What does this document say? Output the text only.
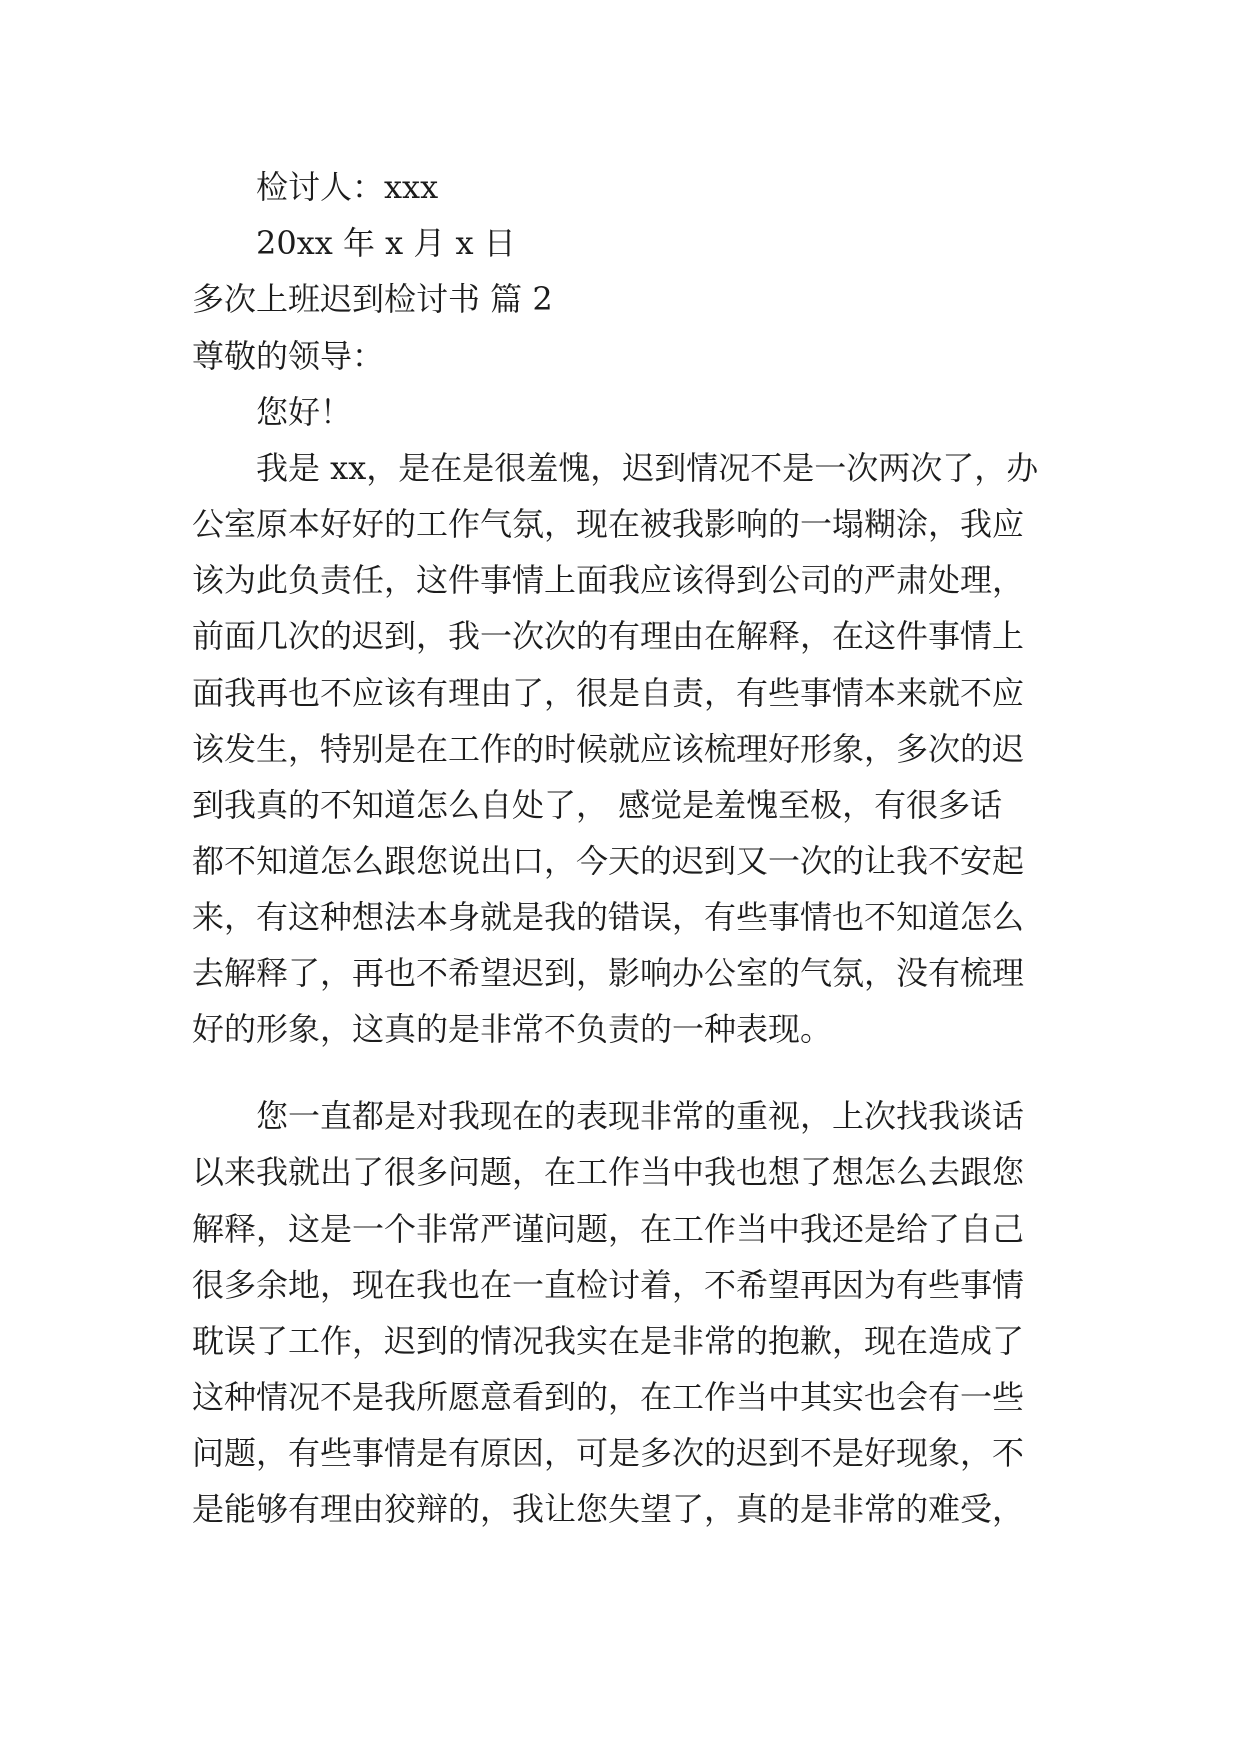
检讨人：xxx
20xx 年 x 月 x 日
多次上班迟到检讨书 篇 2
尊敬的领导：
您好！
我是 xx，是在是很羞愧，迟到情况不是一次两次了，办
公室原本好好的工作气氛，现在被我影响的一塌糊涂，我应
该为此负责任，这件事情上面我应该得到公司的严肃处理，
前面几次的迟到，我一次次的有理由在解释，在这件事情上
面我再也不应该有理由了，很是自责，有些事情本来就不应
该发生，特别是在工作的时候就应该梳理好形象，多次的迟
到我真的不知道怎么自处了， 感觉是羞愧至极，有很多话
都不知道怎么跟您说出口，今天的迟到又一次的让我不安起
来，有这种想法本身就是我的错误，有些事情也不知道怎么
去解释了，再也不希望迟到，影响办公室的气氛，没有梳理
好的形象，这真的是非常不负责的一种表现。
您一直都是对我现在的表现非常的重视，上次找我谈话
以来我就出了很多问题，在工作当中我也想了想怎么去跟您
解释，这是一个非常严谨问题，在工作当中我还是给了自己
很多余地，现在我也在一直检讨着，不希望再因为有些事情
耽误了工作，迟到的情况我实在是非常的抱歉，现在造成了
这种情况不是我所愿意看到的，在工作当中其实也会有一些
问题，有些事情是有原因，可是多次的迟到不是好现象，不
是能够有理由狡辩的，我让您失望了，真的是非常的难受，
